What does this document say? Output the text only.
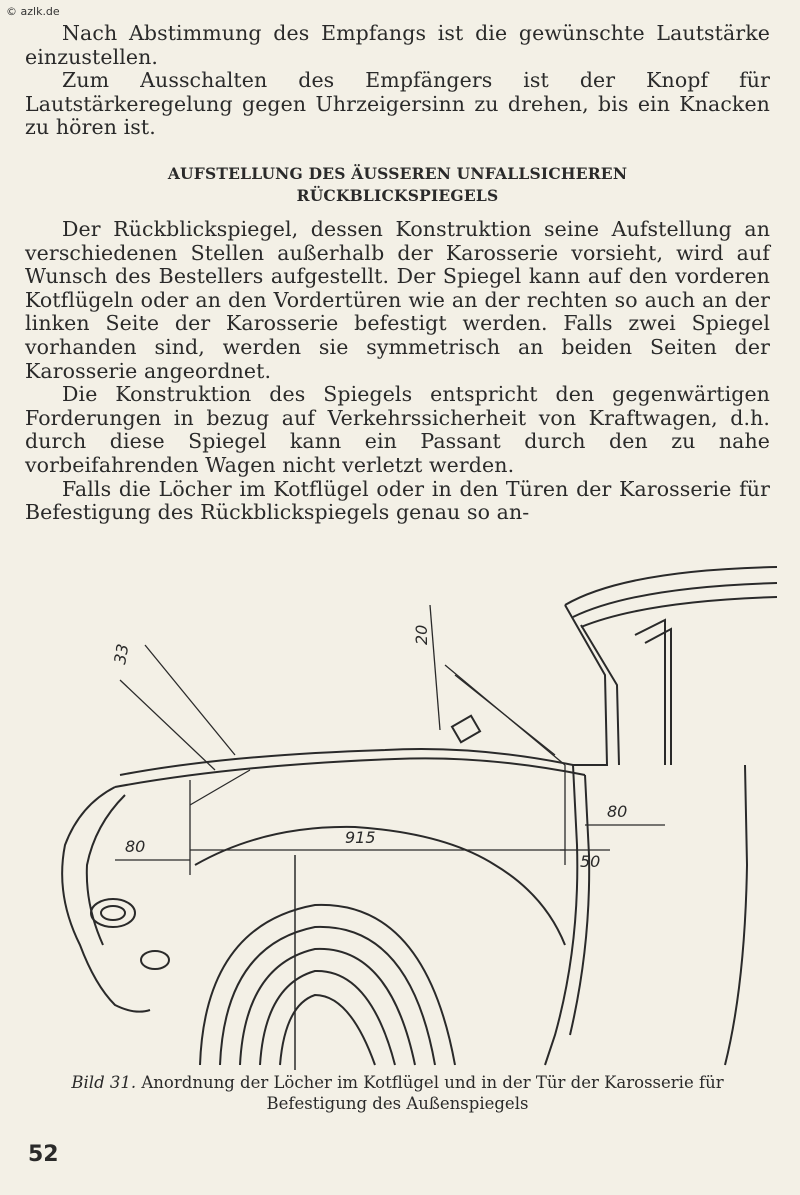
© azlk.de

Nach Abstimmung des Empfangs ist die gewünschte Lautstärke einzustellen.

Zum Ausschalten des Empfängers ist der Knopf für Lautstärkeregelung gegen Uhrzeigersinn zu drehen, bis ein Knacken zu hören ist.

AUFSTELLUNG DES ÄUSSEREN UNFALLSICHEREN
RÜCKBLICKSPIEGELS

Der Rückblickspiegel, dessen Konstruktion seine Aufstellung an verschiedenen Stellen außerhalb der Karosserie vorsieht, wird auf Wunsch des Bestellers aufgestellt. Der Spiegel kann auf den vorderen Kotflügeln oder an den Vordertüren wie an der rechten so auch an der linken Seite der Karosserie befestigt werden. Falls zwei Spiegel vorhanden sind, werden sie symmetrisch an beiden Seiten der Karosserie angeordnet.

Die Konstruktion des Spiegels entspricht den gegenwärtigen Forderungen in bezug auf Verkehrssicherheit von Kraftwagen, d.h. durch diese Spiegel kann ein Passant durch den zu nahe vorbeifahrenden Wagen nicht verletzt werden.

Falls die Löcher im Kotflügel oder in den Türen der Karosserie für Befestigung des Rückblickspiegels genau so an-

33
20
80	915
80
50
Bild 31. Anordnung der Löcher im Kotflügel und in der Tür der Karosserie für Befestigung des Außenspiegels
52
